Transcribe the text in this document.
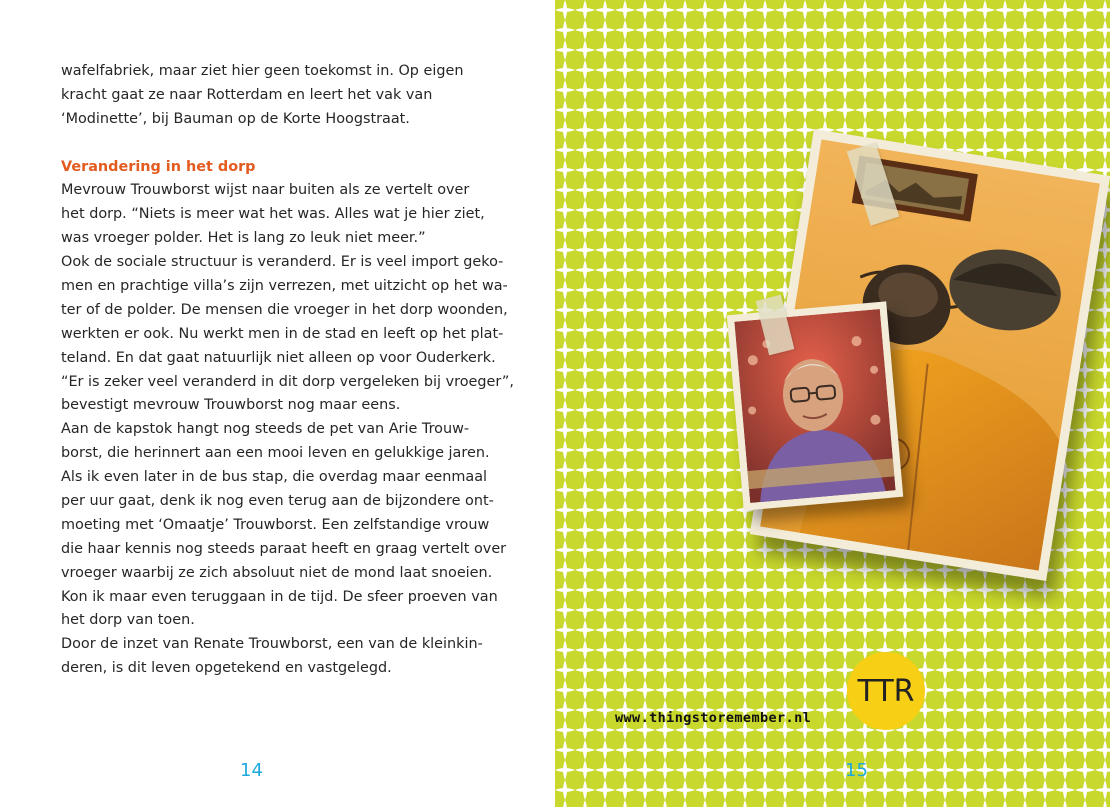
wafelfabriek, maar ziet hier geen toekomst in. Op eigen
kracht gaat ze naar Rotterdam en leert het vak van
‘Modinette’, bij Bauman op de Korte Hoogstraat.
Verandering in het dorp
Mevrouw Trouwborst wijst naar buiten als ze vertelt over
het dorp. “Niets is meer wat het was. Alles wat je hier ziet,
was vroeger polder. Het is lang zo leuk niet meer.”
Ook de sociale structuur is veranderd. Er is veel import geko-
men en prachtige villa’s zijn verrezen, met uitzicht op het wa-
ter of de polder. De mensen die vroeger in het dorp woonden,
werkten er ook. Nu werkt men in de stad en leeft op het plat-
teland. En dat gaat natuurlijk niet alleen op voor Ouderkerk.
“Er is zeker veel veranderd in dit dorp vergeleken bij vroeger”,
bevestigt mevrouw Trouwborst nog maar eens.
Aan de kapstok hangt nog steeds de pet van Arie Trouw-
borst, die herinnert aan een mooi leven en gelukkige jaren.
Als ik even later in de bus stap, die overdag maar eenmaal
per uur gaat, denk ik nog even terug aan de bijzondere ont-
moeting met ‘Omaatje’ Trouwborst. Een zelfstandige vrouw
die haar kennis nog steeds paraat heeft en graag vertelt over
vroeger waarbij ze zich absoluut niet de mond laat snoeien.
Kon ik maar even teruggaan in de tijd. De sfeer proeven van
het dorp van toen.
Door de inzet van Renate Trouwborst, een van de kleinkin-
deren, is dit leven opgetekend en vastgelegd.
14
TTR
www.thingstoremember.nl
15
